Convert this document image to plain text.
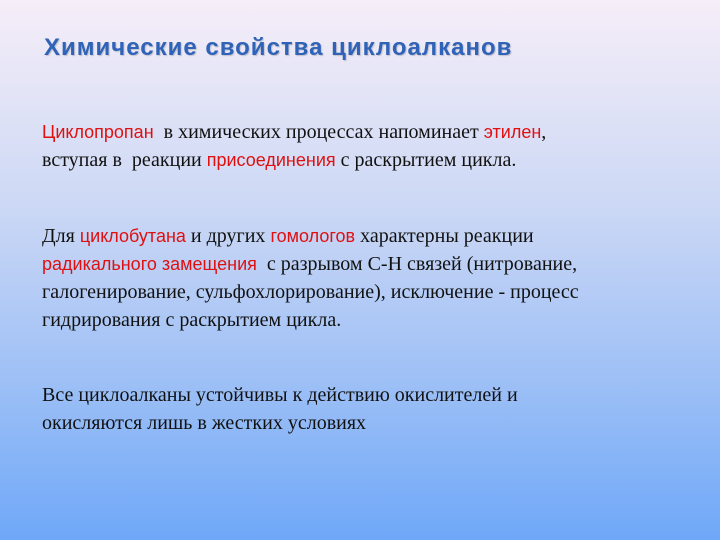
Химические свойства циклоалканов
Циклопропан  в химических процессах напоминает этилен,
вступая в  реакции присоединения с раскрытием цикла.
Для циклобутана и других гомологов характерны реакции
радикального замещения  с разрывом С-Н связей (нитрование,
галогенирование, сульфохлорирование), исключение - процесс
гидрирования с раскрытием цикла.
Все циклоалканы устойчивы к действию окислителей и
окисляются лишь в жестких условиях
